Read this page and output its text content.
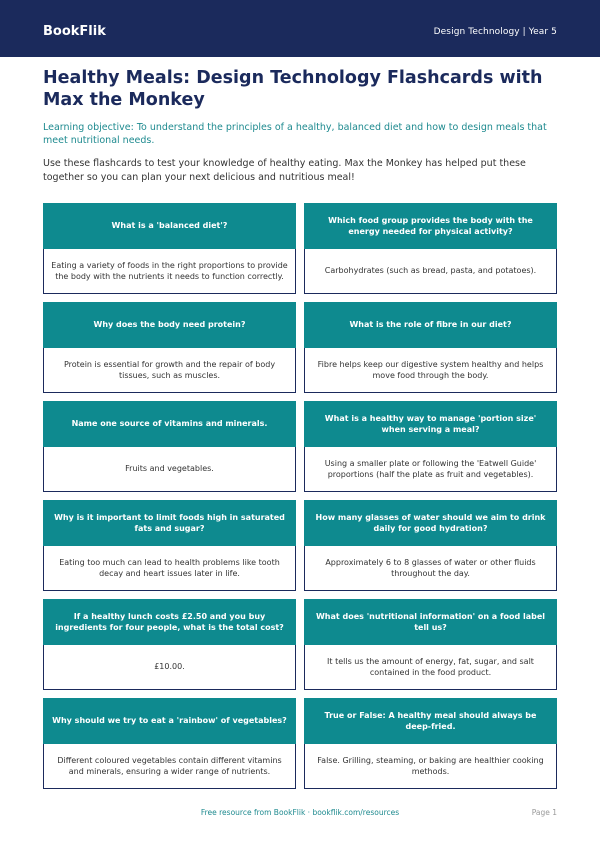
BookFlik	Design Technology | Year 5
Healthy Meals: Design Technology Flashcards with Max the Monkey

Learning objective: To understand the principles of a healthy, balanced diet and how to design meals that meet nutritional needs.

Use these flashcards to test your knowledge of healthy eating. Max the Monkey has helped put these together so you can plan your next delicious and nutritious meal!

What is a 'balanced diet'?
Eating a variety of foods in the right proportions to provide the body with the nutrients it needs to function correctly.
Which food group provides the body with the energy needed for physical activity?
Carbohydrates (such as bread, pasta, and potatoes).
Why does the body need protein?
Protein is essential for growth and the repair of body tissues, such as muscles.
What is the role of fibre in our diet?
Fibre helps keep our digestive system healthy and helps move food through the body.
Name one source of vitamins and minerals.
Fruits and vegetables.
What is a healthy way to manage 'portion size' when serving a meal?
Using a smaller plate or following the 'Eatwell Guide' proportions (half the plate as fruit and vegetables).
Why is it important to limit foods high in saturated fats and sugar?
Eating too much can lead to health problems like tooth decay and heart issues later in life.
How many glasses of water should we aim to drink daily for good hydration?
Approximately 6 to 8 glasses of water or other fluids throughout the day.
If a healthy lunch costs £2.50 and you buy ingredients for four people, what is the total cost?
£10.00.
What does 'nutritional information' on a food label tell us?
It tells us the amount of energy, fat, sugar, and salt contained in the food product.
Why should we try to eat a 'rainbow' of vegetables?
Different coloured vegetables contain different vitamins and minerals, ensuring a wider range of nutrients.
True or False: A healthy meal should always be deep-fried.
False. Grilling, steaming, or baking are healthier cooking methods.
Free resource from BookFlik · bookflik.com/resources	Page 1
